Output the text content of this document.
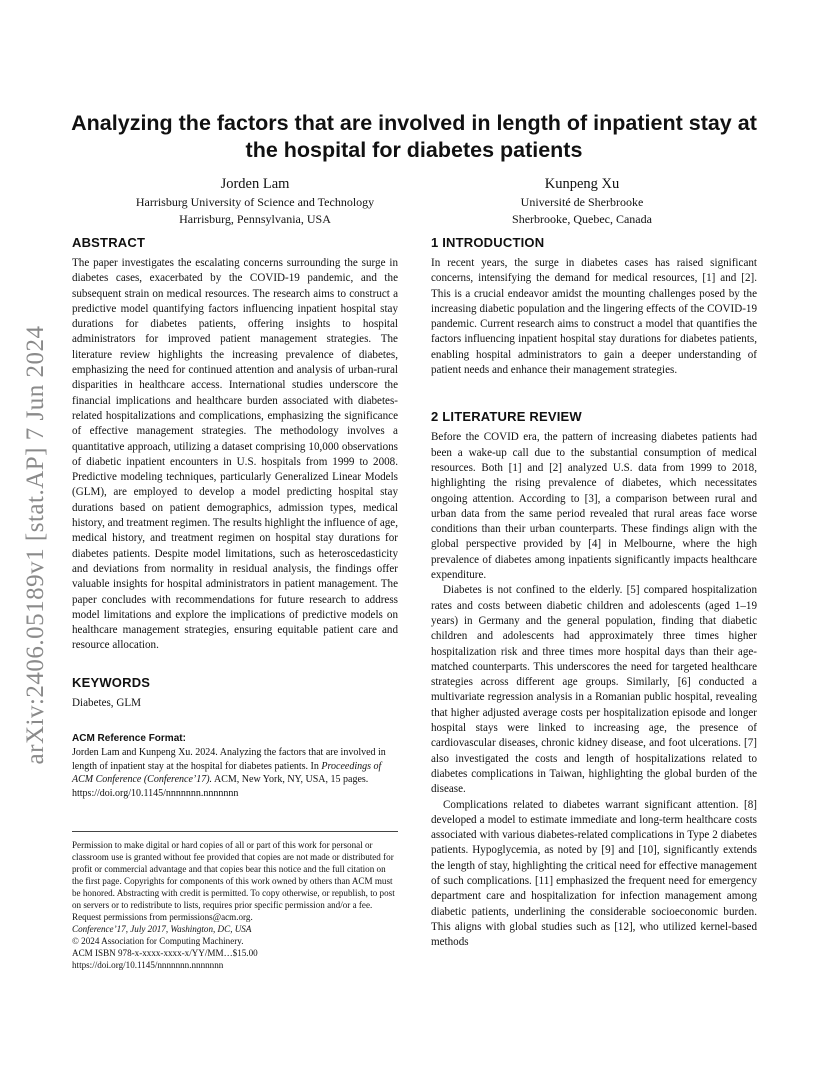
arXiv:2406.05189v1 [stat.AP] 7 Jun 2024
Analyzing the factors that are involved in length of inpatient stay at the hospital for diabetes patients
Jorden Lam
Harrisburg University of Science and Technology
Harrisburg, Pennsylvania, USA
Kunpeng Xu
Université de Sherbrooke
Sherbrooke, Quebec, Canada
ABSTRACT

The paper investigates the escalating concerns surrounding the surge in diabetes cases, exacerbated by the COVID-19 pandemic, and the subsequent strain on medical resources. The research aims to construct a predictive model quantifying factors influencing inpatient hospital stay durations for diabetes patients, offering insights to hospital administrators for improved patient management strategies. The literature review highlights the increasing prevalence of diabetes, emphasizing the need for continued attention and analysis of urban-rural disparities in healthcare access. International studies underscore the financial implications and healthcare burden associated with diabetes-related hospitalizations and complications, emphasizing the significance of effective management strategies. The methodology involves a quantitative approach, utilizing a dataset comprising 10,000 observations of diabetic inpatient encounters in U.S. hospitals from 1999 to 2008. Predictive modeling techniques, particularly Generalized Linear Models (GLM), are employed to develop a model predicting hospital stay durations based on patient demographics, admission types, medical history, and treatment regimen. The results highlight the influence of age, medical history, and treatment regimen on hospital stay durations for diabetes patients. Despite model limitations, such as heteroscedasticity and deviations from normality in residual analysis, the findings offer valuable insights for hospital administrators in patient management. The paper concludes with recommendations for future research to address model limitations and explore the implications of predictive models on healthcare management strategies, ensuring equitable patient care and resource allocation.

KEYWORDS

Diabetes, GLM

ACM Reference Format:
Jorden Lam and Kunpeng Xu. 2024. Analyzing the factors that are involved in length of inpatient stay at the hospital for diabetes patients. In Proceedings of ACM Conference (Conference’17). ACM, New York, NY, USA, 15 pages. https://doi.org/10.1145/nnnnnnn.nnnnnnn

Permission to make digital or hard copies of all or part of this work for personal or classroom use is granted without fee provided that copies are not made or distributed for profit or commercial advantage and that copies bear this notice and the full citation on the first page. Copyrights for components of this work owned by others than ACM must be honored. Abstracting with credit is permitted. To copy otherwise, or republish, to post on servers or to redistribute to lists, requires prior specific permission and/or a fee. Request permissions from permissions@acm.org.

Conference’17, July 2017, Washington, DC, USA

© 2024 Association for Computing Machinery.

ACM ISBN 978-x-xxxx-xxxx-x/YY/MM…$15.00

https://doi.org/10.1145/nnnnnnn.nnnnnnn

1 INTRODUCTION

In recent years, the surge in diabetes cases has raised significant concerns, intensifying the demand for medical resources, [1] and [2]. This is a crucial endeavor amidst the mounting challenges posed by the increasing diabetic population and the lingering effects of the COVID-19 pandemic. Current research aims to construct a model that quantifies the factors influencing inpatient hospital stay durations for diabetes patients, enabling hospital administrators to gain a deeper understanding of patient needs and enhance their management strategies.

2 LITERATURE REVIEW

Before the COVID era, the pattern of increasing diabetes patients had been a wake-up call due to the substantial consumption of medical resources. Both [1] and [2] analyzed U.S. data from 1999 to 2018, highlighting the rising prevalence of diabetes, which necessitates ongoing attention. According to [3], a comparison between rural and urban data from the same period revealed that rural areas face worse conditions than their urban counterparts. These findings align with the global perspective provided by [4] in Melbourne, where the high prevalence of diabetes among inpatients significantly impacts healthcare expenditure.

Diabetes is not confined to the elderly. [5] compared hospitalization rates and costs between diabetic children and adolescents (aged 1–19 years) in Germany and the general population, finding that diabetic children and adolescents had approximately three times higher hospitalization risk and three times more hospital days than their age-matched counterparts. This underscores the need for targeted healthcare strategies across different age groups. Similarly, [6] conducted a multivariate regression analysis in a Romanian public hospital, revealing that higher adjusted average costs per hospitalization episode and longer hospital stays were linked to increasing age, the presence of cardiovascular diseases, chronic kidney disease, and foot ulcerations. [7] also investigated the costs and length of hospitalizations related to diabetes complications in Taiwan, highlighting the global burden of the disease.

Complications related to diabetes warrant significant attention. [8] developed a model to estimate immediate and long-term healthcare costs associated with various diabetes-related complications in Type 2 diabetes patients. Hypoglycemia, as noted by [9] and [10], significantly extends the length of stay, highlighting the critical need for effective management of such complications. [11] emphasized the frequent need for emergency department care and hospitalization for infection management among diabetic patients, underlining the considerable socioeconomic burden. This aligns with global studies such as [12], who utilized kernel-based methods
